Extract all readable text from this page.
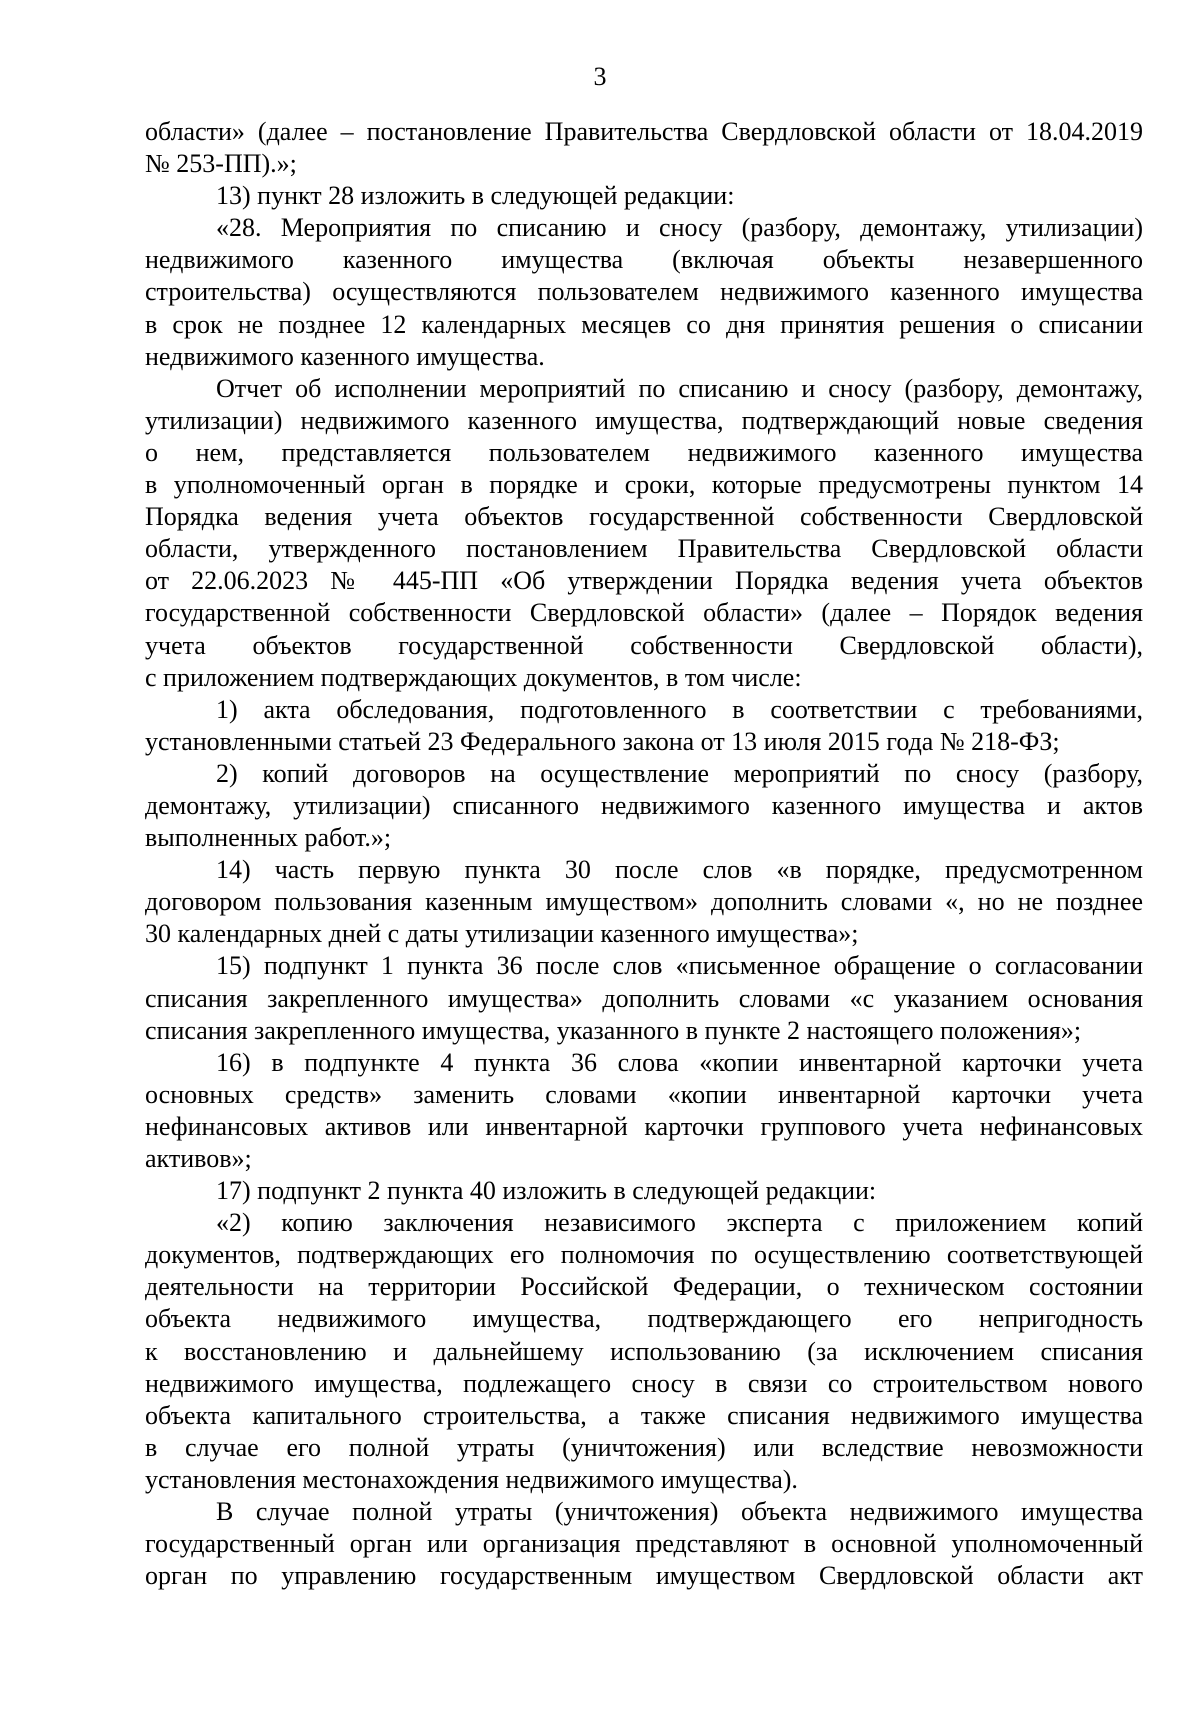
3

области» (далее – постановление Правительства Свердловской области от 18.04.2019

№ 253-ПП).»;

13) пункт 28 изложить в следующей редакции:

«28. Мероприятия по списанию и сносу (разбору, демонтажу, утилизации)

недвижимого казенного имущества (включая объекты незавершенного

строительства) осуществляются пользователем недвижимого казенного имущества

в срок не позднее 12 календарных месяцев со дня принятия решения о списании

недвижимого казенного имущества.

Отчет об исполнении мероприятий по списанию и сносу (разбору, демонтажу,

утилизации) недвижимого казенного имущества, подтверждающий новые сведения

о нем, представляется пользователем недвижимого казенного имущества

в уполномоченный орган в порядке и сроки, которые предусмотрены пунктом 14

Порядка ведения учета объектов государственной собственности Свердловской

области, утвержденного постановлением Правительства Свердловской области

от 22.06.2023 № 445-ПП «Об утверждении Порядка ведения учета объектов

государственной собственности Свердловской области» (далее – Порядок ведения

учета объектов государственной собственности Свердловской области),

с приложением подтверждающих документов, в том числе:

1) акта обследования, подготовленного в соответствии с требованиями,

установленными статьей 23 Федерального закона от 13 июля 2015 года № 218-ФЗ;

2) копий договоров на осуществление мероприятий по сносу (разбору,

демонтажу, утилизации) списанного недвижимого казенного имущества и актов

выполненных работ.»;

14) часть первую пункта 30 после слов «в порядке, предусмотренном

договором пользования казенным имуществом» дополнить словами «, но не позднее

30 календарных дней с даты утилизации казенного имущества»;

15) подпункт 1 пункта 36 после слов «письменное обращение о согласовании

списания закрепленного имущества» дополнить словами «с указанием основания

списания закрепленного имущества, указанного в пункте 2 настоящего положения»;

16) в подпункте 4 пункта 36 слова «копии инвентарной карточки учета

основных средств» заменить словами «копии инвентарной карточки учета

нефинансовых активов или инвентарной карточки группового учета нефинансовых

активов»;

17) подпункт 2 пункта 40 изложить в следующей редакции:

«2) копию заключения независимого эксперта с приложением копий

документов, подтверждающих его полномочия по осуществлению соответствующей

деятельности на территории Российской Федерации, о техническом состоянии

объекта недвижимого имущества, подтверждающего его непригодность

к восстановлению и дальнейшему использованию (за исключением списания

недвижимого имущества, подлежащего сносу в связи со строительством нового

объекта капитального строительства, а также списания недвижимого имущества

в случае его полной утраты (уничтожения) или вследствие невозможности

установления местонахождения недвижимого имущества).

В случае полной утраты (уничтожения) объекта недвижимого имущества

государственный орган или организация представляют в основной уполномоченный

орган по управлению государственным имуществом Свердловской области акт
